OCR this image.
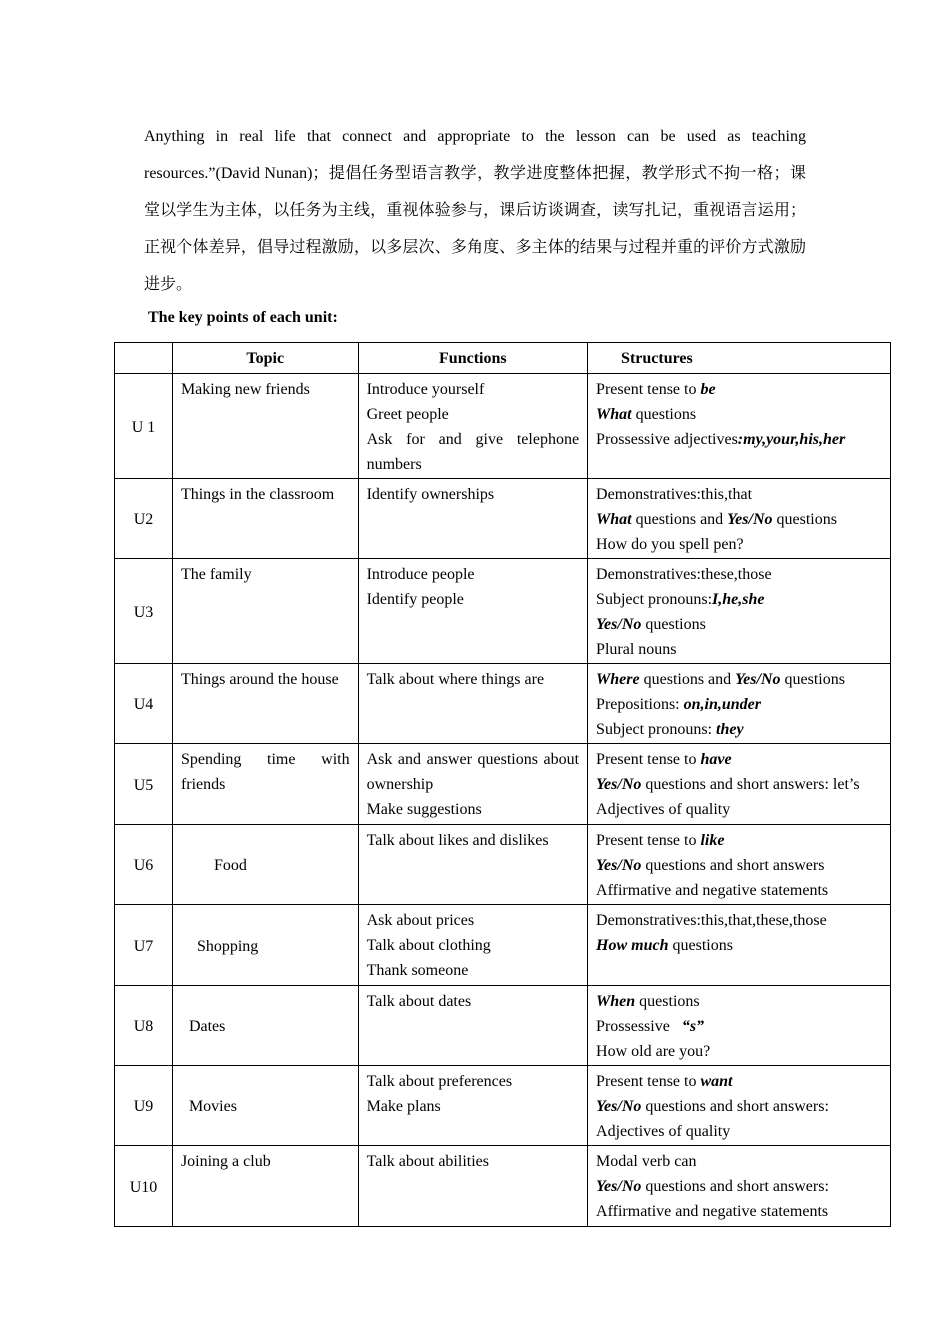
Anything in real life that connect and appropriate to the lesson can be used as teaching

resources.”(David Nunan)；提倡任务型语言教学，教学进度整体把握，教学形式不拘一格；课堂以学生为主体，以任务为主线，重视体验参与，课后访谈调查，读写扎记，重视语言运用；正视个体差异，倡导过程激励，以多层次、多角度、多主体的结果与过程并重的评价方式激励进步。

The key points of each unit:
	Topic	Functions	Structures
U 1	Making new friends	Introduce yourself
Greet people
Ask for and give telephone numbers	Present tense to be
What questions
Prossessive adjectives:my,your,his,her

U2	Things in the classroom	Identify ownerships	Demonstratives:this,that
What questions and Yes/No questions
How do you spell pen?

U3	The family	Introduce people
Identify people	Demonstratives:these,those
Subject pronouns:I,he,she
Yes/No questions
Plural nouns

U4	Things around the house	Talk about where things are	Where questions and Yes/No questions
Prepositions: on,in,under
Subject pronouns: they

U5	Spending time with friends	Ask and answer questions about ownership
Make suggestions	Present tense to have
Yes/No questions and short answers: let’s
Adjectives of quality

U6	Food	Talk about likes and dislikes	Present tense to like
Yes/No questions and short answers
Affirmative and negative statements

U7	Shopping	Ask about prices
Talk about clothing
Thank someone	Demonstratives:this,that,these,those
How much questions

U8	Dates	Talk about dates	When questions
Prossessive   “s”
How old are you?

U9	Movies	Talk about preferences
Make plans	Present tense to want
Yes/No questions and short answers:
Adjectives of quality

U10	Joining a club	Talk about abilities	Modal verb can
Yes/No questions and short answers:
Affirmative and negative statements
